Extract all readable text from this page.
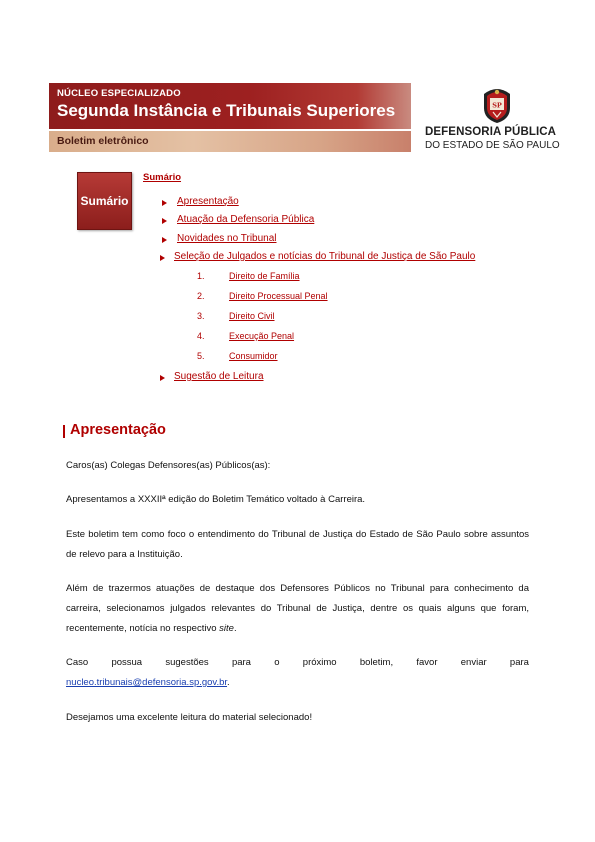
NÚCLEO ESPECIALIZADO
Segunda Instância e Tribunais Superiores
Boletim eletrônico
SP
DEFENSORIA PÚBLICA
DO ESTADO DE SÃO PAULO
Sumário
Sumário
Apresentação
Atuação da Defensoria Pública
Novidades no Tribunal
Seleção de Julgados e notícias do Tribunal de Justiça de São Paulo
1.	Direito de Família
2.	Direito Processual Penal
3.	Direito Civil
4.	Execução Penal
5.	Consumidor
Sugestão de Leitura
Apresentação
Caros(as) Colegas Defensores(as) Públicos(as):
Apresentamos a XXXIIª edição do Boletim Temático voltado à Carreira.
Este boletim tem como foco o entendimento do Tribunal de Justiça do Estado de São Paulo sobre assuntos de relevo para a Instituição.
Além de trazermos atuações de destaque dos Defensores Públicos no Tribunal para conhecimento da carreira, selecionamos julgados relevantes do Tribunal de Justiça, dentre os quais alguns que foram, recentemente, notícia no respectivo site.
Caso possua sugestões para o próximo boletim, favor enviar para
nucleo.tribunais@defensoria.sp.gov.br.
Desejamos uma excelente leitura do material selecionado!
